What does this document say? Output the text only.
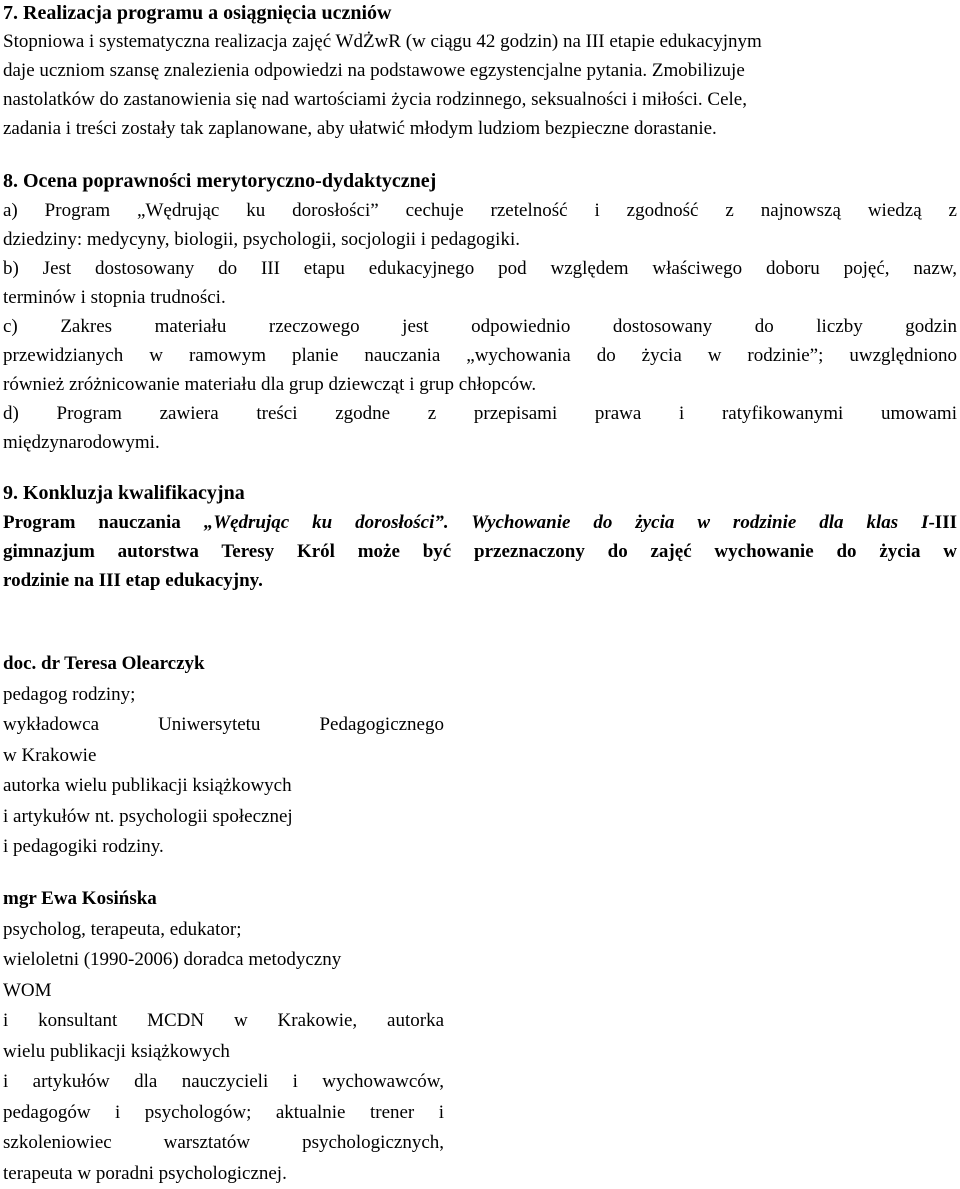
7. Realizacja programu a osiągnięcia uczniów
Stopniowa i systematyczna realizacja zajęć WdŻwR (w ciągu 42 godzin) na III etapie edukacyjnym
daje uczniom szansę znalezienia odpowiedzi na podstawowe egzystencjalne pytania. Zmobilizuje
nastolatków do zastanowienia się nad wartościami życia rodzinnego, seksualności i miłości. Cele,
zadania i treści zostały tak zaplanowane, aby ułatwić młodym ludziom bezpieczne dorastanie.
8. Ocena poprawności merytoryczno-dydaktycznej
a) Program „Wędrując ku dorosłości” cechuje rzetelność i zgodność z najnowszą wiedzą z
dziedziny: medycyny, biologii, psychologii, socjologii i pedagogiki.
b) Jest dostosowany do III etapu edukacyjnego pod względem właściwego doboru pojęć, nazw,
terminów i stopnia trudności.
c) Zakres materiału rzeczowego jest odpowiednio dostosowany do liczby godzin
przewidzianych w ramowym planie nauczania „wychowania do życia w rodzinie”; uwzględniono
również zróżnicowanie materiału dla grup dziewcząt i grup chłopców.
d) Program zawiera treści zgodne z przepisami prawa i ratyfikowanymi umowami
międzynarodowymi.
9. Konkluzja kwalifikacyjna
Program nauczania „Wędrując ku dorosłości”. Wychowanie do życia w rodzinie dla klas I-III
gimnazjum autorstwa Teresy Król może być przeznaczony do zajęć wychowanie do życia w
rodzinie na III etap edukacyjny.
doc. dr Teresa Olearczyk
pedagog rodziny;
wykładowca Uniwersytetu Pedagogicznego
w Krakowie
autorka wielu publikacji książkowych
i artykułów nt. psychologii społecznej
i pedagogiki rodziny.
mgr Ewa Kosińska
psycholog, terapeuta, edukator;
wieloletni (1990-2006) doradca metodyczny
WOM
i konsultant MCDN w Krakowie, autorka
wielu publikacji książkowych
i artykułów dla nauczycieli i wychowawców,
pedagogów i psychologów; aktualnie trener i
szkoleniowiec warsztatów psychologicznych,
terapeuta w poradni psychologicznej.
